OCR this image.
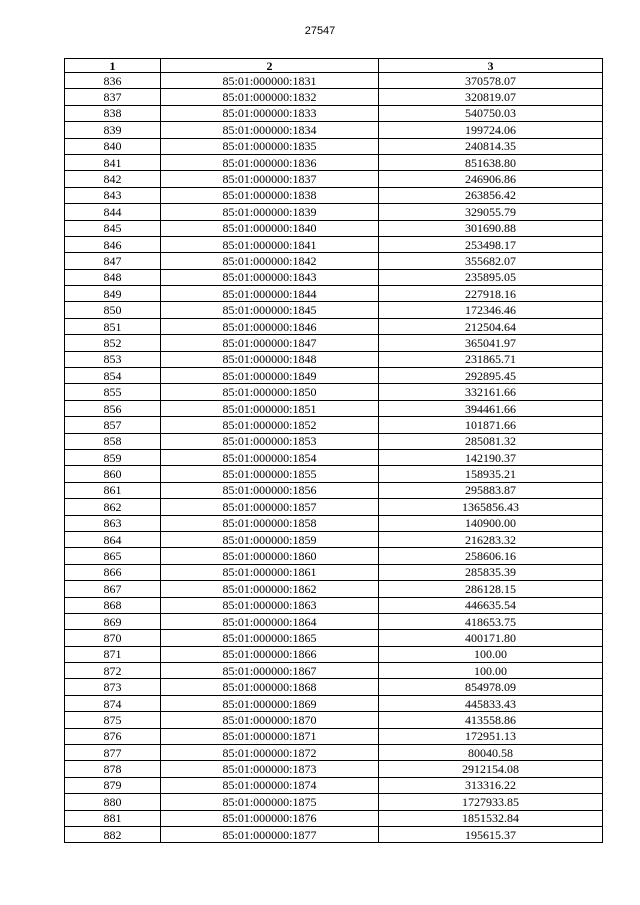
27547
1	2	3
836	85:01:000000:1831	370578.07
837	85:01:000000:1832	320819.07
838	85:01:000000:1833	540750.03
839	85:01:000000:1834	199724.06
840	85:01:000000:1835	240814.35
841	85:01:000000:1836	851638.80
842	85:01:000000:1837	246906.86
843	85:01:000000:1838	263856.42
844	85:01:000000:1839	329055.79
845	85:01:000000:1840	301690.88
846	85:01:000000:1841	253498.17
847	85:01:000000:1842	355682.07
848	85:01:000000:1843	235895.05
849	85:01:000000:1844	227918.16
850	85:01:000000:1845	172346.46
851	85:01:000000:1846	212504.64
852	85:01:000000:1847	365041.97
853	85:01:000000:1848	231865.71
854	85:01:000000:1849	292895.45
855	85:01:000000:1850	332161.66
856	85:01:000000:1851	394461.66
857	85:01:000000:1852	101871.66
858	85:01:000000:1853	285081.32
859	85:01:000000:1854	142190.37
860	85:01:000000:1855	158935.21
861	85:01:000000:1856	295883.87
862	85:01:000000:1857	1365856.43
863	85:01:000000:1858	140900.00
864	85:01:000000:1859	216283.32
865	85:01:000000:1860	258606.16
866	85:01:000000:1861	285835.39
867	85:01:000000:1862	286128.15
868	85:01:000000:1863	446635.54
869	85:01:000000:1864	418653.75
870	85:01:000000:1865	400171.80
871	85:01:000000:1866	100.00
872	85:01:000000:1867	100.00
873	85:01:000000:1868	854978.09
874	85:01:000000:1869	445833.43
875	85:01:000000:1870	413558.86
876	85:01:000000:1871	172951.13
877	85:01:000000:1872	80040.58
878	85:01:000000:1873	2912154.08
879	85:01:000000:1874	313316.22
880	85:01:000000:1875	1727933.85
881	85:01:000000:1876	1851532.84
882	85:01:000000:1877	195615.37
